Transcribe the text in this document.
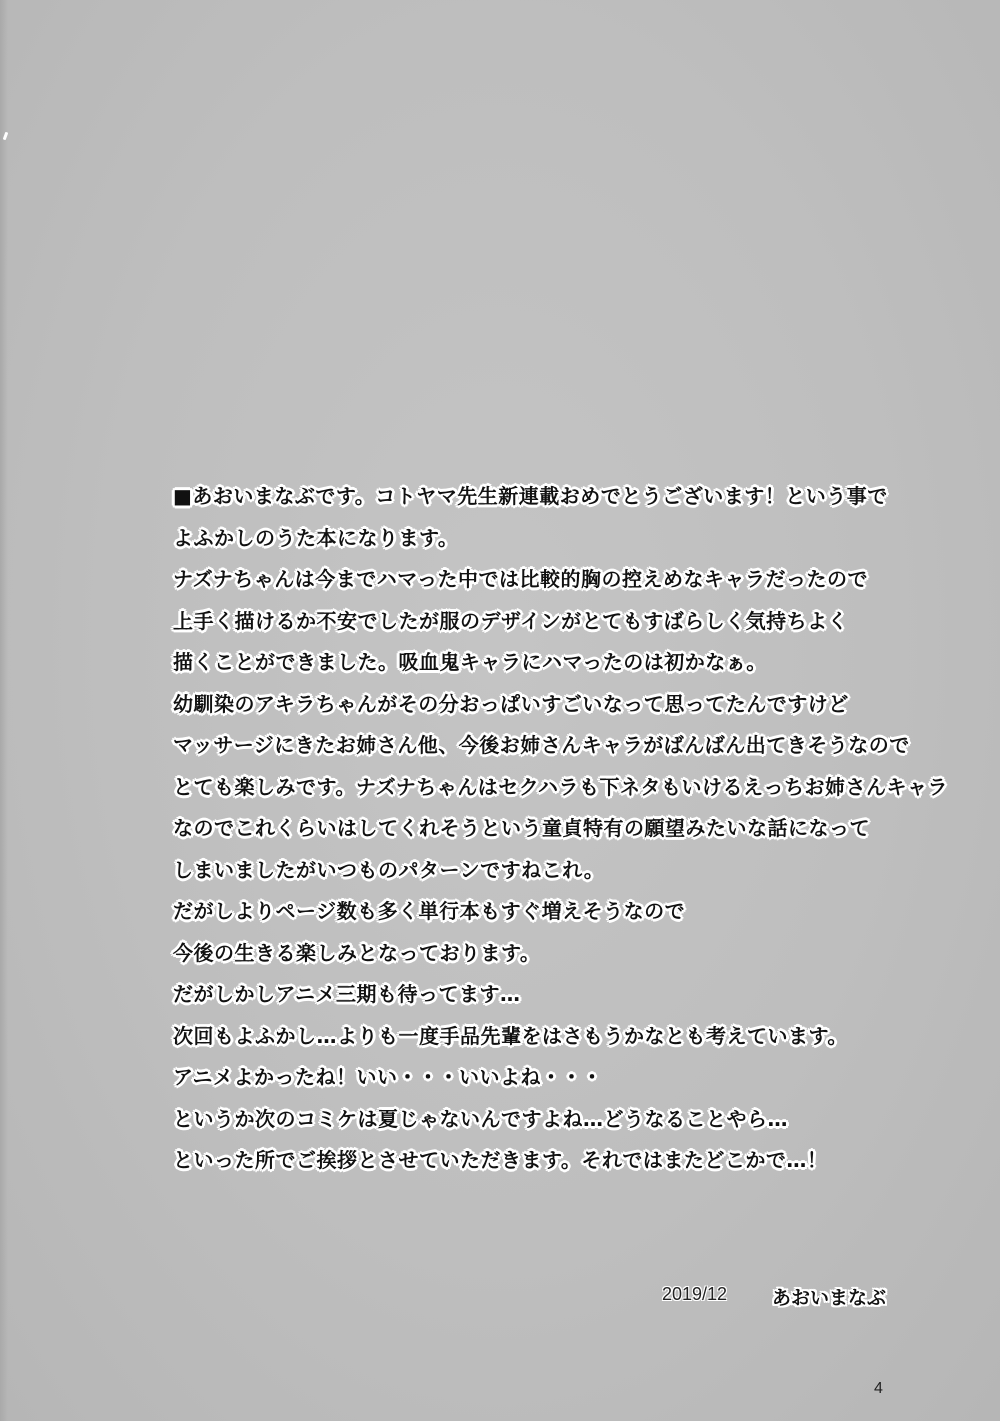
■あおいまなぶです。コトヤマ先生新連載おめでとうございます！という事で
よふかしのうた本になります。
ナズナちゃんは今までハマった中では比較的胸の控えめなキャラだったので
上手く描けるか不安でしたが服のデザインがとてもすばらしく気持ちよく
描くことができました。吸血鬼キャラにハマったのは初かなぁ。
幼馴染のアキラちゃんがその分おっぱいすごいなって思ってたんですけど
マッサージにきたお姉さん他、今後お姉さんキャラがばんばん出てきそうなので
とても楽しみです。ナズナちゃんはセクハラも下ネタもいけるえっちお姉さんキャラ
なのでこれくらいはしてくれそうという童貞特有の願望みたいな話になって
しまいましたがいつものパターンですねこれ。
だがしよりページ数も多く単行本もすぐ増えそうなので
今後の生きる楽しみとなっております。
だがしかしアニメ三期も待ってます…
次回もよふかし…よりも一度手品先輩をはさもうかなとも考えています。
アニメよかったね！いい・・・いいよね・・・
というか次のコミケは夏じゃないんですよね…どうなることやら…
といった所でご挨拶とさせていただきます。それではまたどこかで…！
2019/12 あおいまなぶ
4
